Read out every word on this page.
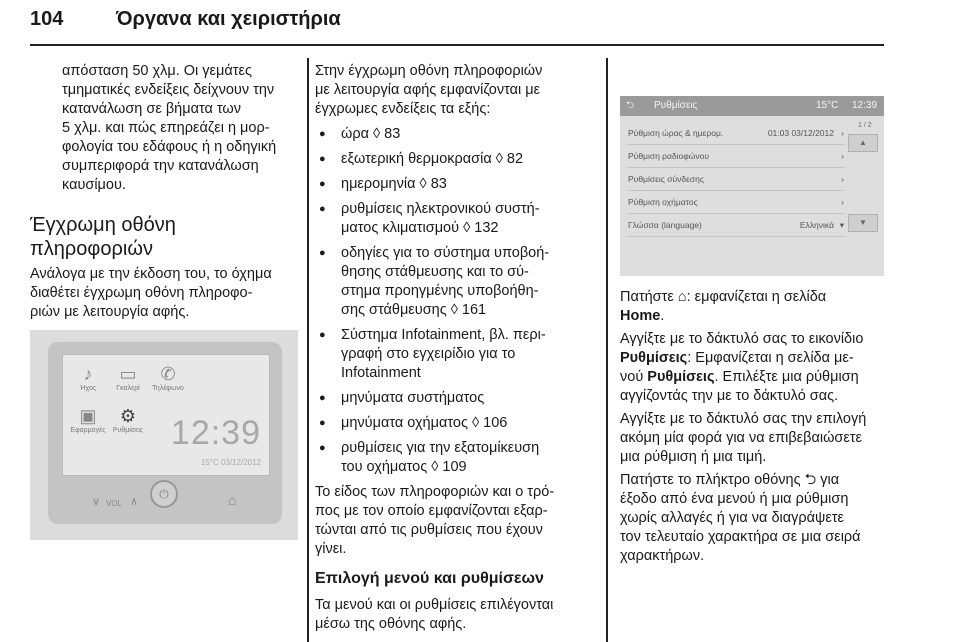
104	Όργανα και χειριστήρια

απόσταση 50 χλμ. Οι γεμάτες

τμηματικές ενδείξεις δείχνουν την

κατανάλωση σε βήματα των

5 χλμ. και πώς επηρεάζει η μορ-

φολογία του εδάφους ή η οδηγική

συμπεριφορά την κατανάλωση

καυσίμου.

Έγχρωμη οθόνη
πληροφοριών

Ανάλογα με την έκδοση του, το όχημα

διαθέτει έγχρωμη οθόνη πληροφο-

ριών με λειτουργία αφής.

♪
Ήχος
▭
Γκαλερί
✆
Τηλέφωνο
▣
Εφαρμογές
⚙
Ρυθμίσεις 12:39
15°C 03/12/2012
∨ VOL ∧
⏻	⌂

Στην έγχρωμη οθόνη πληροφοριών

με λειτουργία αφής εμφανίζονται με

έγχρωμες ενδείξεις τα εξής:

● ώρα ◊ 83

● εξωτερική θερμοκρασία ◊ 82

● ημερομηνία ◊ 83

● ρυθμίσεις ηλεκτρονικού συστή-

ματος κλιματισμού ◊ 132

● οδηγίες για το σύστημα υποβοή-

θησης στάθμευσης και το σύ-

στημα προηγμένης υποβοήθη-

σης στάθμευσης ◊ 161

● Σύστημα Infotainment, βλ. περι-

γραφή στο εγχειρίδιο για το

Infotainment

● μηνύματα συστήματος

● μηνύματα οχήματος ◊ 106

● ρυθμίσεις για την εξατομίκευση

του οχήματος ◊ 109

Το είδος των πληροφοριών και ο τρό-

πος με τον οποίο εμφανίζονται εξαρ-

τώνται από τις ρυθμίσεις που έχουν

γίνει.

Επιλογή μενού και ρυθμίσεων

Τα μενού και οι ρυθμίσεις επιλέγονται

μέσω της οθόνης αφής.

⮌ Ρυθμίσεις	15°C 12:39
Ρύθμιση ώρας & ημερομ.	01:03 03/12/2012 ›
Ρύθμιση ραδιοφώνου	›
Ρυθμίσεις σύνδεσης	›
Ρύθμιση οχήματος	›
Γλώσσα (language)	Ελληνικά ▾
1 / 2
▲
▼

Πατήστε ⌂: εμφανίζεται η σελίδα
Home.

Αγγίξτε με το δάκτυλό σας το εικονίδιο
Ρυθμίσεις: Εμφανίζεται η σελίδα με-
νού Ρυθμίσεις. Επιλέξτε μια ρύθμιση
αγγίζοντάς την με το δάκτυλό σας.

Αγγίξτε με το δάκτυλό σας την επιλογή
ακόμη μία φορά για να επιβεβαιώσετε
μια ρύθμιση ή μια τιμή.

Πατήστε το πλήκτρο οθόνης ⮌ για
έξοδο από ένα μενού ή μια ρύθμιση
χωρίς αλλαγές ή για να διαγράψετε
τον τελευταίο χαρακτήρα σε μια σειρά
χαρακτήρων.
